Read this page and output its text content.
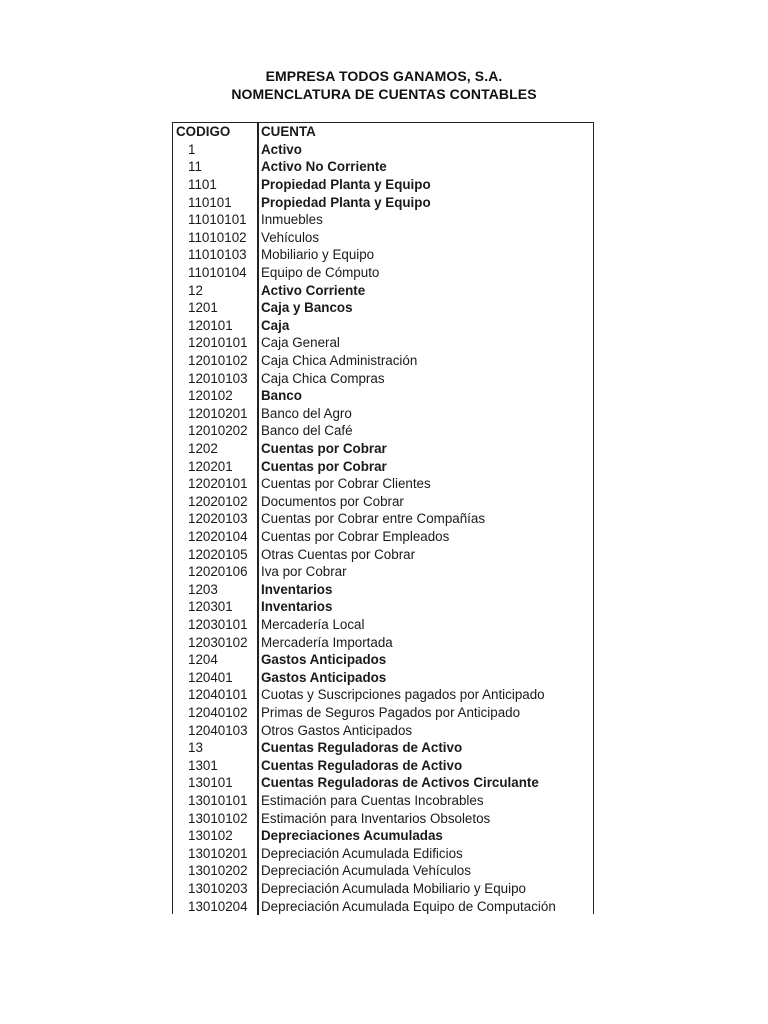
EMPRESA TODOS GANAMOS, S.A.
NOMENCLATURA DE CUENTAS CONTABLES
CODIGO CUENTA
1	Activo
11	Activo No Corriente
1101	Propiedad Planta y Equipo
110101 Propiedad Planta y Equipo
11010101 Inmuebles
11010102 Vehículos
11010103 Mobiliario y Equipo
11010104 Equipo de Cómputo
12	Activo Corriente
1201	Caja y Bancos
120101 Caja
12010101 Caja General
12010102 Caja Chica Administración
12010103 Caja Chica Compras
120102 Banco
12010201 Banco del Agro
12010202 Banco del Café
1202	Cuentas por Cobrar
120201 Cuentas por Cobrar
12020101 Cuentas por Cobrar Clientes
12020102 Documentos por Cobrar
12020103 Cuentas por Cobrar entre Compañías
12020104 Cuentas por Cobrar Empleados
12020105 Otras Cuentas por Cobrar
12020106 Iva por Cobrar
1203	Inventarios
120301 Inventarios
12030101 Mercadería Local
12030102 Mercadería Importada
1204	Gastos Anticipados
120401 Gastos Anticipados
12040101 Cuotas y Suscripciones pagados por Anticipado
12040102 Primas de Seguros Pagados por Anticipado
12040103 Otros Gastos Anticipados
13	Cuentas Reguladoras de Activo
1301	Cuentas Reguladoras de Activo
130101 Cuentas Reguladoras de Activos Circulante
13010101 Estimación para Cuentas Incobrables
13010102 Estimación para Inventarios Obsoletos
130102 Depreciaciones Acumuladas
13010201 Depreciación Acumulada Edificios
13010202 Depreciación Acumulada Vehículos
13010203 Depreciación Acumulada Mobiliario y Equipo
13010204 Depreciación Acumulada Equipo de Computación
